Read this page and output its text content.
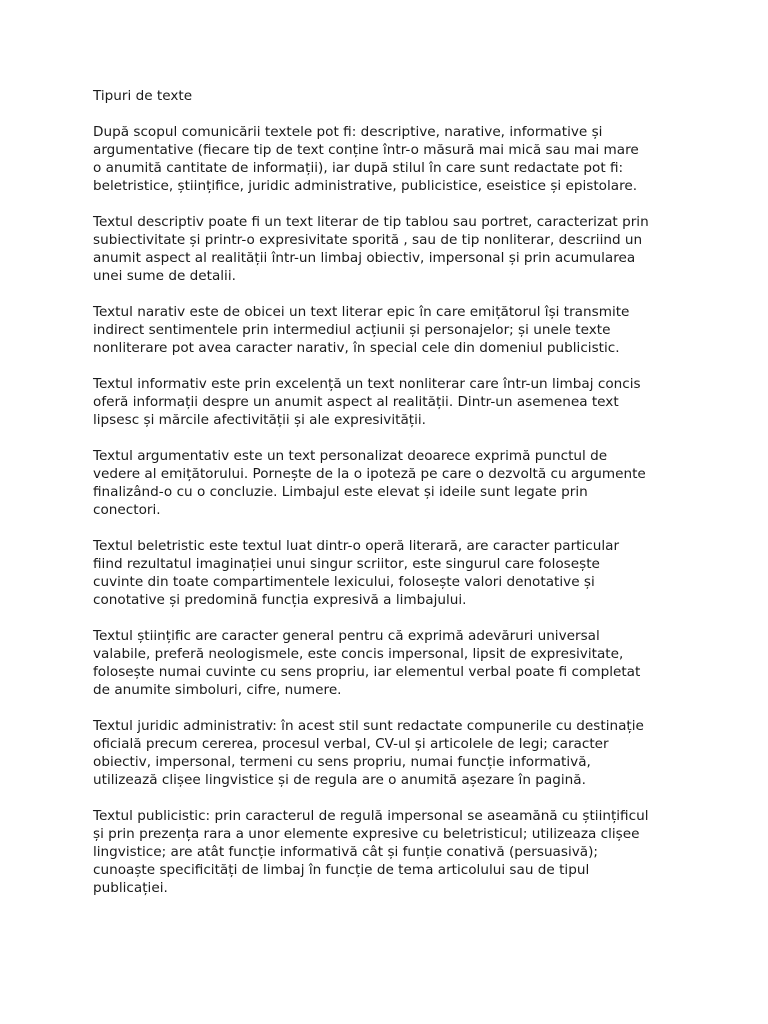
Tipuri de texte

După scopul comunicării textele pot fi: descriptive, narative, informative și
argumentative (fiecare tip de text conține într-o măsură mai mică sau mai mare
o anumită cantitate de informații), iar după stilul în care sunt redactate pot fi:
beletristice, științifice, juridic administrative, publicistice, eseistice și epistolare.

Textul descriptiv poate fi un text literar de tip tablou sau portret, caracterizat prin
subiectivitate și printr-o expresivitate sporită , sau de tip nonliterar, descriind un
anumit aspect al realității într-un limbaj obiectiv, impersonal și prin acumularea
unei sume de detalii.

Textul narativ este de obicei un text literar epic în care emițătorul își transmite
indirect sentimentele prin intermediul acțiunii și personajelor; și unele texte
nonliterare pot avea caracter narativ, în special cele din domeniul publicistic.

Textul informativ este prin excelență un text nonliterar care într-un limbaj concis
oferă informații despre un anumit aspect al realității. Dintr-un asemenea text
lipsesc și mărcile afectivității și ale expresivității.

Textul argumentativ este un text personalizat deoarece exprimă punctul de
vedere al emițătorului. Pornește de la o ipoteză pe care o dezvoltă cu argumente
finalizând-o cu o concluzie. Limbajul este elevat și ideile sunt legate prin
conectori.

Textul beletristic este textul luat dintr-o operă literară, are caracter particular
fiind rezultatul imaginației unui singur scriitor, este singurul care folosește
cuvinte din toate compartimentele lexicului, folosește valori denotative și
conotative și predomină funcția expresivă a limbajului.

Textul științific are caracter general pentru că exprimă adevăruri universal
valabile, preferă neologismele, este concis impersonal, lipsit de expresivitate,
folosește numai cuvinte cu sens propriu, iar elementul verbal poate fi completat
de anumite simboluri, cifre, numere.

Textul juridic administrativ: în acest stil sunt redactate compunerile cu destinație
oficială precum cererea, procesul verbal, CV-ul și articolele de legi; caracter
obiectiv, impersonal, termeni cu sens propriu, numai funcție informativă,
utilizează clișee lingvistice și de regula are o anumită așezare în pagină.

Textul publicistic: prin caracterul de regulă impersonal se aseamănă cu științificul
și prin prezența rara a unor elemente expresive cu beletristicul; utilizeaza clișee
lingvistice; are atât funcție informativă cât și funție conativă (persuasivă);
cunoaște specificități de limbaj în funcție de tema articolului sau de tipul
publicației.
